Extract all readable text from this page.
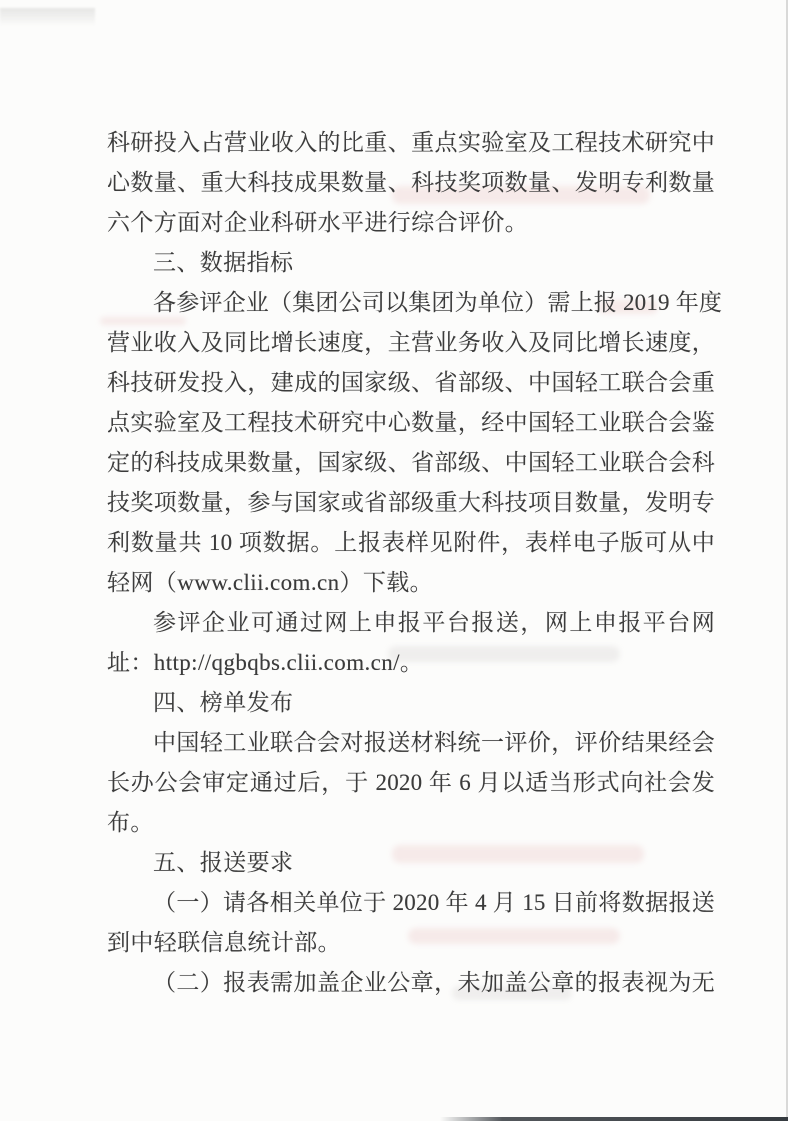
科研投入占营业收入的比重、重点实验室及工程技术研究中
心数量、重大科技成果数量、科技奖项数量、发明专利数量
六个方面对企业科研水平进行综合评价。
三、数据指标
各参评企业（集团公司以集团为单位）需上报 2019 年度
营业收入及同比增长速度，主营业务收入及同比增长速度，
科技研发投入，建成的国家级、省部级、中国轻工联合会重
点实验室及工程技术研究中心数量，经中国轻工业联合会鉴
定的科技成果数量，国家级、省部级、中国轻工业联合会科
技奖项数量，参与国家或省部级重大科技项目数量，发明专
利数量共 10 项数据。上报表样见附件，表样电子版可从中
轻网（www.clii.com.cn）下载。
参评企业可通过网上申报平台报送，网上申报平台网
址：http://qgbqbs.clii.com.cn/。
四、榜单发布
中国轻工业联合会对报送材料统一评价，评价结果经会
长办公会审定通过后，于 2020 年 6 月以适当形式向社会发
布。
五、报送要求
（一）请各相关单位于 2020 年 4 月 15 日前将数据报送
到中轻联信息统计部。
（二）报表需加盖企业公章，未加盖公章的报表视为无
